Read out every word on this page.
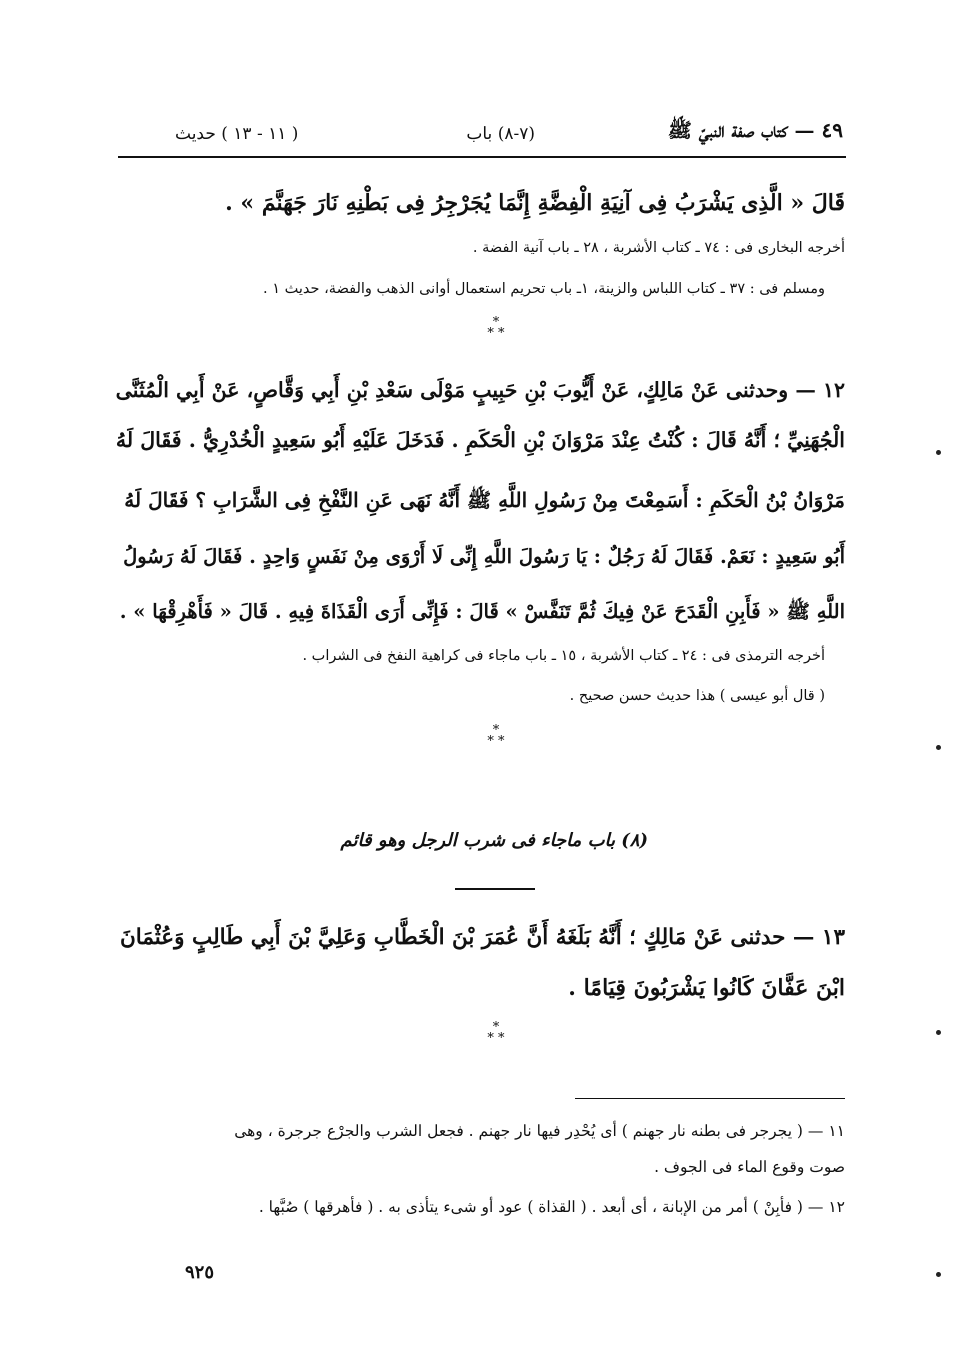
٤٩ — كتاب صفة النبيّ ﷺ
(٧-٨) باب
( ١١ - ١٣ ) حديث
قَالَ « الَّذِى يَشْرَبُ فِى آنِيَةِ الْفِضَّةِ إِنَّمَا يُجَرْجِرُ فِى بَطْنِهِ نَارَ جَهَنَّمَ » .
أخرجه البخارى فى : ٧٤ ـ كتاب الأشربة ، ٢٨ ـ باب آنية الفضة .
ومسلم فى : ٣٧ ـ كتاب اللباس والزينة، ١ـ باب تحريم استعمال أوانى الذهب والفضة، حديث ١ .
*
* *
١٢ — وحدثنى عَنْ مَالِكٍ، عَنْ أَيُّوبَ بْنِ حَبِيبٍ مَوْلَى سَعْدِ بْنِ أَبِي وَقَّاصٍ، عَنْ أَبِي الْمُثَنَّى
الْجُهَنِيِّ ؛ أَنَّهُ قَالَ : كُنْتُ عِنْدَ مَرْوَانَ بْنِ الْحَكَمِ . فَدَخَلَ عَلَيْهِ أَبُو سَعِيدٍ الْخُدْرِيُّ . فَقَالَ لَهُ
مَرْوَانُ بْنُ الْحَكَمِ : أَسَمِعْتَ مِنْ رَسُولِ اللَّهِ ﷺ أَنَّهُ نَهَى عَنِ النَّفْخِ فِى الشَّرَابِ ؟ فَقَالَ لَهُ
أَبُو سَعِيدٍ : نَعَمْ. فَقَالَ لَهُ رَجُلٌ : يَا رَسُولَ اللَّهِ إِنِّى لَا أَرْوَى مِنْ نَفَسٍ وَاحِدٍ . فَقَالَ لَهُ رَسُولُ
اللَّهِ ﷺ « فَأَبِنِ الْقَدَحَ عَنْ فِيكَ ثُمَّ تَنَفَّسْ » قَالَ : فَإِنِّى أَرَى الْقَذَاةَ فِيهِ . قَالَ « فَأَهْرِقْهَا » .
أخرجه الترمذى فى : ٢٤ ـ كتاب الأشربة ، ١٥ ـ باب ماجاء فى كراهية النفخ فى الشراب .
( قال أبو عيسى ) هذا حديث حسن صحيح .
*
* *
(٨) باب ماجاء فى شرب الرجل وهو قائم
١٣ — حدثنى عَنْ مَالِكٍ ؛ أَنَّهُ بَلَغَهُ أَنَّ عُمَرَ بْنَ الْخَطَّابِ وَعَلِيَّ بْنَ أَبِي طَالِبٍ وَعُثْمَانَ
ابْنَ عَفَّانَ كَانُوا يَشْرَبُونَ قِيَامًا .
*
* *
١١ — ( يجرجر فى بطنه نار جهنم ) أى يُحْدِر فيها نار جهنم . فجعل الشرب والجرْع جرجرة ، وهى
صوت وقوع الماء فى الجوف .
١٢ — ( فأبِنْ ) أمر من الإبانة ، أى أبعد . ( القذاة ) عود أو شىء يتأذى به . ( فأهرقها ) صُبَّها .
٩٢٥
